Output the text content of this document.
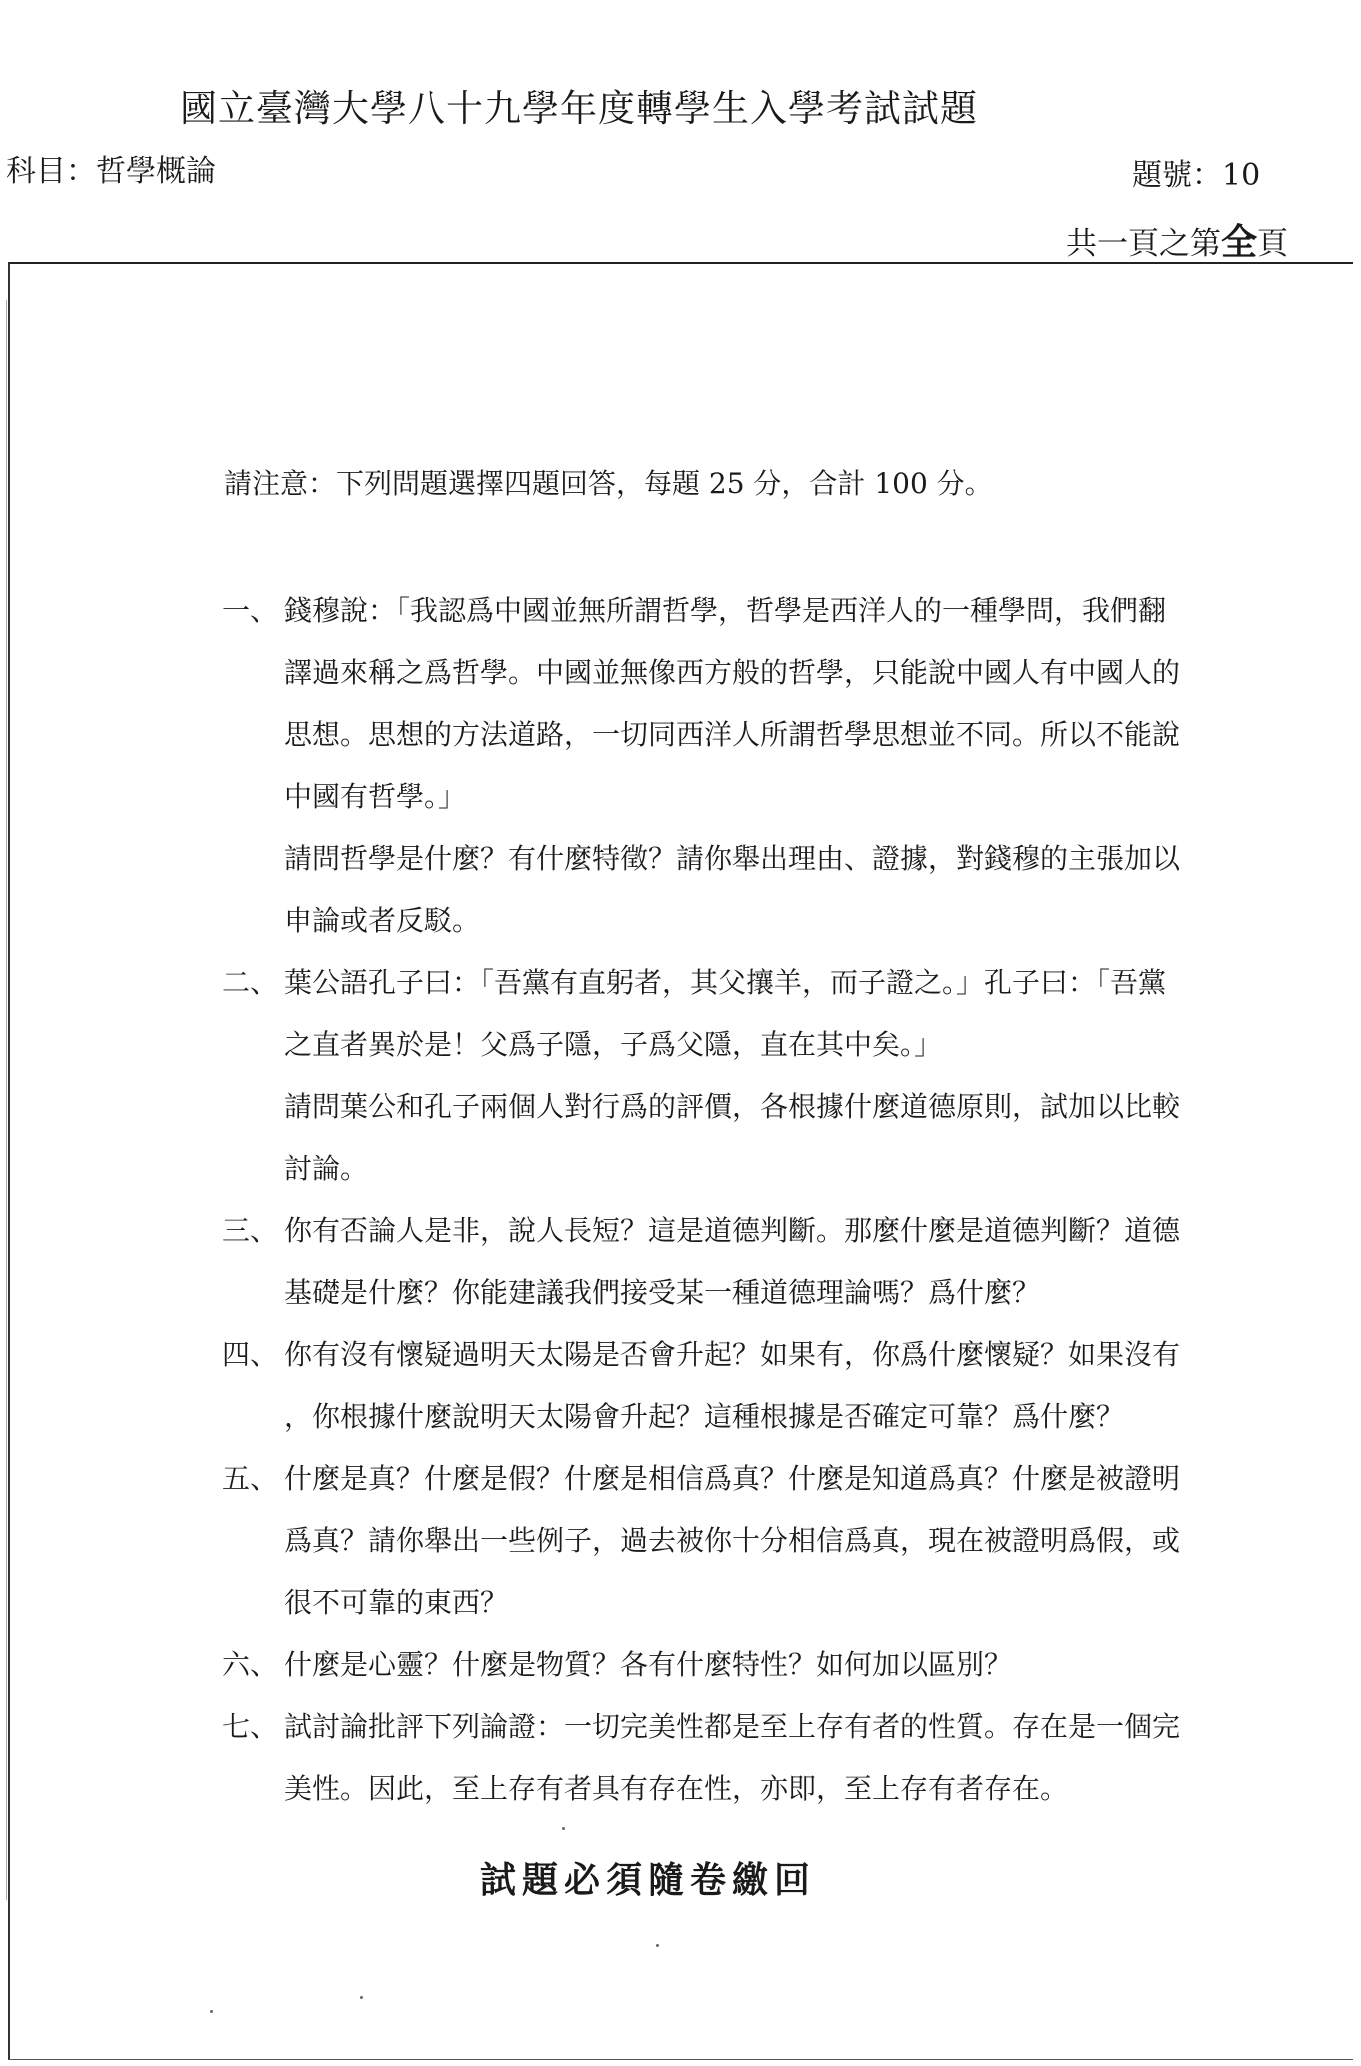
國立臺灣大學八十九學年度轉學生入學考試試題
科目：哲學概論	題號：10
共一頁之第全頁
請注意：下列問題選擇四題回答，每題 25 分，合計 100 分。
一、 錢穆說：「我認爲中國並無所謂哲學，哲學是西洋人的一種學問，我們翻
譯過來稱之爲哲學。中國並無像西方般的哲學，只能說中國人有中國人的
思想。思想的方法道路，一切同西洋人所謂哲學思想並不同。所以不能說
中國有哲學。」
請問哲學是什麼？有什麼特徵？請你舉出理由、證據，對錢穆的主張加以
申論或者反駁。
二、 葉公語孔子曰：「吾黨有直躬者，其父攘羊，而子證之。」孔子曰：「吾黨
之直者異於是！父爲子隱，子爲父隱，直在其中矣。」
請問葉公和孔子兩個人對行爲的評價，各根據什麼道德原則，試加以比較
討論。
三、 你有否論人是非，說人長短？這是道德判斷。那麼什麼是道德判斷？道德
基礎是什麼？你能建議我們接受某一種道德理論嗎？爲什麼？
四、 你有沒有懷疑過明天太陽是否會升起？如果有，你爲什麼懷疑？如果沒有
，你根據什麼說明天太陽會升起？這種根據是否確定可靠？爲什麼？
五、 什麼是真？什麼是假？什麼是相信爲真？什麼是知道爲真？什麼是被證明
爲真？請你舉出一些例子，過去被你十分相信爲真，現在被證明爲假，或
很不可靠的東西？
六、 什麼是心靈？什麼是物質？各有什麼特性？如何加以區別？
七、 試討論批評下列論證：一切完美性都是至上存有者的性質。存在是一個完
美性。因此，至上存有者具有存在性，亦即，至上存有者存在。
試題必須隨卷繳回
